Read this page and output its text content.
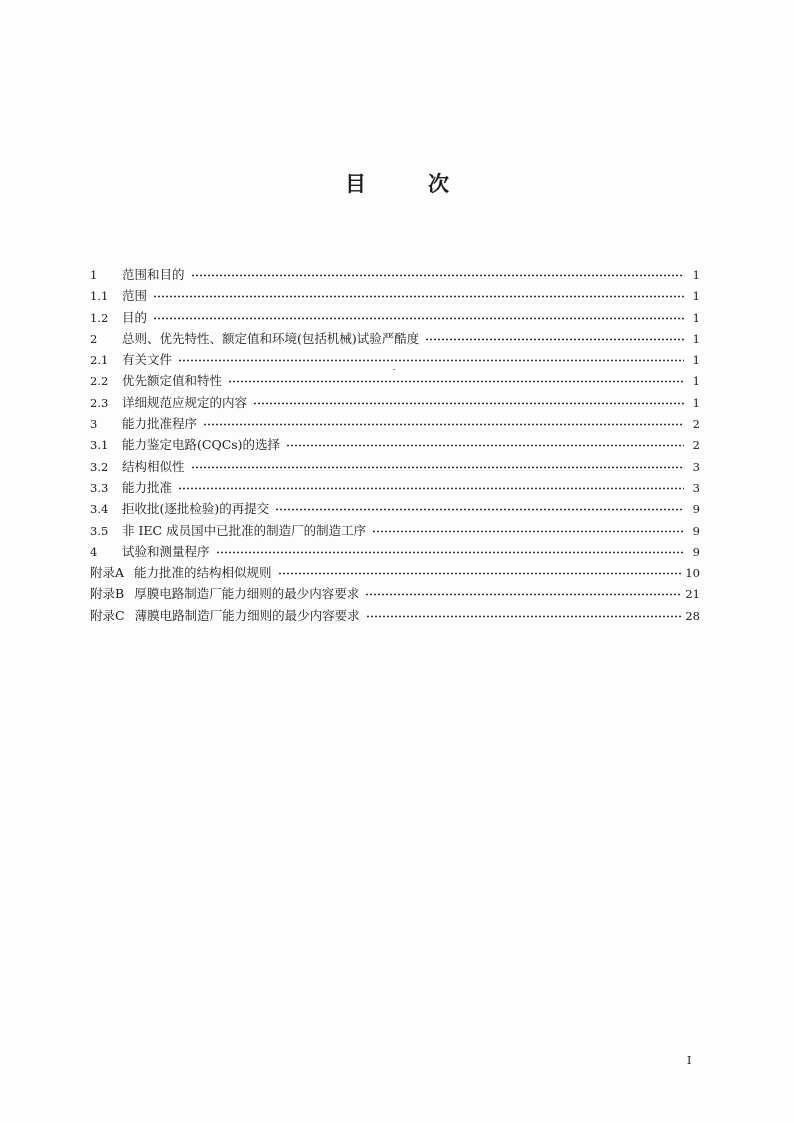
目	次
1	范围和目的	1
1.1	范围	1
1.2	目的	1
2	总则、优先特性、额定值和环境(包括机械)试验严酷度	1
2.1	有关文件	1
2.2	优先额定值和特性	1
2.3	详细规范应规定的内容	1
3	能力批准程序	2
3.1	能力鉴定电路(CQCs)的选择	2
3.2	结构相似性	3
3.3	能力批准	3
3.4	拒收批(逐批检验)的再提交	9
3.5	非 IEC 成员国中已批准的制造厂的制造工序	9
4	试验和测量程序	9
附录A 能力批准的结构相似规则	10
附录B 厚膜电路制造厂能力细则的最少内容要求	21
附录C 薄膜电路制造厂能力细则的最少内容要求	28
I
